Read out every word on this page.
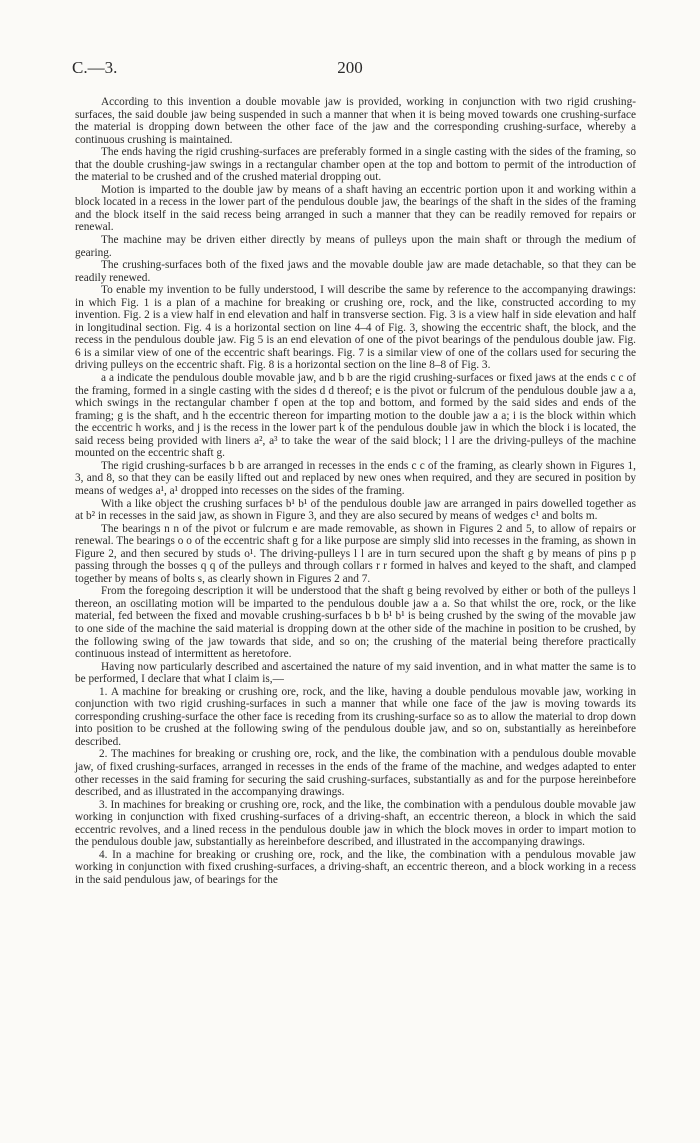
C.—3.	200

According to this invention a double movable jaw is provided, working in conjunction with two rigid crushing-surfaces, the said double jaw being suspended in such a manner that when it is being moved towards one crushing-surface the material is dropping down between the other face of the jaw and the corresponding crushing-surface, whereby a continuous crushing is maintained.

The ends having the rigid crushing-surfaces are preferably formed in a single casting with the sides of the framing, so that the double crushing-jaw swings in a rectangular chamber open at the top and bottom to permit of the introduction of the material to be crushed and of the crushed material dropping out.

Motion is imparted to the double jaw by means of a shaft having an eccentric portion upon it and working within a block located in a recess in the lower part of the pendulous double jaw, the bearings of the shaft in the sides of the framing and the block itself in the said recess being arranged in such a manner that they can be readily removed for repairs or renewal.

The machine may be driven either directly by means of pulleys upon the main shaft or through the medium of gearing.

The crushing-surfaces both of the fixed jaws and the movable double jaw are made detachable, so that they can be readily renewed.

To enable my invention to be fully understood, I will describe the same by reference to the accompanying drawings: in which Fig. 1 is a plan of a machine for breaking or crushing ore, rock, and the like, constructed according to my invention. Fig. 2 is a view half in end elevation and half in transverse section. Fig. 3 is a view half in side elevation and half in longitudinal section. Fig. 4 is a horizontal section on line 4–4 of Fig. 3, showing the eccentric shaft, the block, and the recess in the pendulous double jaw. Fig 5 is an end elevation of one of the pivot bearings of the pendulous double jaw. Fig. 6 is a similar view of one of the eccentric shaft bearings. Fig. 7 is a similar view of one of the collars used for securing the driving pulleys on the eccentric shaft. Fig. 8 is a horizontal section on the line 8–8 of Fig. 3.

a a indicate the pendulous double movable jaw, and b b are the rigid crushing-surfaces or fixed jaws at the ends c c of the framing, formed in a single casting with the sides d d thereof; e is the pivot or fulcrum of the pendulous double jaw a a, which swings in the rectangular chamber f open at the top and bottom, and formed by the said sides and ends of the framing; g is the shaft, and h the eccentric thereon for imparting motion to the double jaw a a; i is the block within which the eccentric h works, and j is the recess in the lower part k of the pendulous double jaw in which the block i is located, the said recess being provided with liners a², a³ to take the wear of the said block; l l are the driving-pulleys of the machine mounted on the eccentric shaft g.

The rigid crushing-surfaces b b are arranged in recesses in the ends c c of the framing, as clearly shown in Figures 1, 3, and 8, so that they can be easily lifted out and replaced by new ones when required, and they are secured in position by means of wedges a¹, a¹ dropped into recesses on the sides of the framing.

With a like object the crushing surfaces b¹ b¹ of the pendulous double jaw are arranged in pairs dowelled together as at b² in recesses in the said jaw, as shown in Figure 3, and they are also secured by means of wedges c¹ and bolts m.

The bearings n n of the pivot or fulcrum e are made removable, as shown in Figures 2 and 5, to allow of repairs or renewal. The bearings o o of the eccentric shaft g for a like purpose are simply slid into recesses in the framing, as shown in Figure 2, and then secured by studs o¹. The driving-pulleys l l are in turn secured upon the shaft g by means of pins p p passing through the bosses q q of the pulleys and through collars r r formed in halves and keyed to the shaft, and clamped together by means of bolts s, as clearly shown in Figures 2 and 7.

From the foregoing description it will be understood that the shaft g being revolved by either or both of the pulleys l thereon, an oscillating motion will be imparted to the pendulous double jaw a a. So that whilst the ore, rock, or the like material, fed between the fixed and movable crushing-surfaces b b b¹ b¹ is being crushed by the swing of the movable jaw to one side of the machine the said material is dropping down at the other side of the machine in position to be crushed, by the following swing of the jaw towards that side, and so on; the crushing of the material being therefore practically continuous instead of intermittent as heretofore.

Having now particularly described and ascertained the nature of my said invention, and in what matter the same is to be performed, I declare that what I claim is,—

1. A machine for breaking or crushing ore, rock, and the like, having a double pendulous movable jaw, working in conjunction with two rigid crushing-surfaces in such a manner that while one face of the jaw is moving towards its corresponding crushing-surface the other face is receding from its crushing-surface so as to allow the material to drop down into position to be crushed at the following swing of the pendulous double jaw, and so on, substantially as hereinbefore described.

2. The machines for breaking or crushing ore, rock, and the like, the combination with a pendulous double movable jaw, of fixed crushing-surfaces, arranged in recesses in the ends of the frame of the machine, and wedges adapted to enter other recesses in the said framing for securing the said crushing-surfaces, substantially as and for the purpose hereinbefore described, and as illustrated in the accompanying drawings.

3. In machines for breaking or crushing ore, rock, and the like, the combination with a pendulous double movable jaw working in conjunction with fixed crushing-surfaces of a driving-shaft, an eccentric thereon, a block in which the said eccentric revolves, and a lined recess in the pendulous double jaw in which the block moves in order to impart motion to the pendulous double jaw, substantially as hereinbefore described, and illustrated in the accompanying drawings.

4. In a machine for breaking or crushing ore, rock, and the like, the combination with a pendulous movable jaw working in conjunction with fixed crushing-surfaces, a driving-shaft, an eccentric thereon, and a block working in a recess in the said pendulous jaw, of bearings for the
